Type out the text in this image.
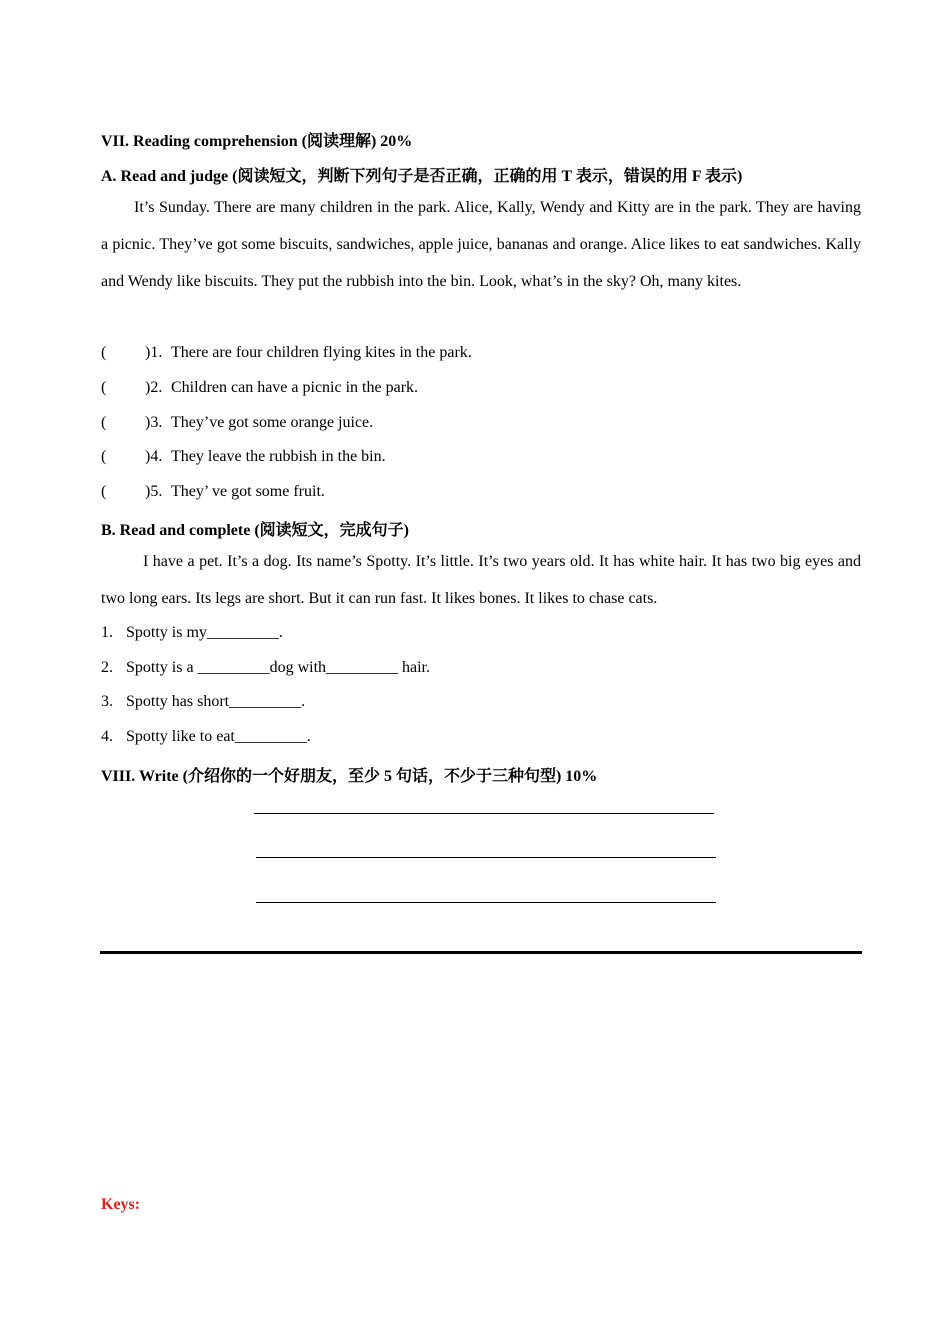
VII. Reading comprehension (阅读理解) 20%
A. Read and judge (阅读短文，判断下列句子是否正确，正确的用 T 表示，错误的用 F 表示)
It’s Sunday. There are many children in the park. Alice, Kally, Wendy and Kitty are in the park. They are having a picnic. They’ve got some biscuits, sandwiches, apple juice, bananas and orange. Alice likes to eat sandwiches. Kally and Wendy like biscuits. They put the rubbish into the bin. Look, what’s in the sky? Oh, many kites.
( )1. There are four children flying kites in the park.
( )2. Children can have a picnic in the park.
( )3. They’ve got some orange juice.
( )4. They leave the rubbish in the bin.
( )5. They’ ve got some fruit.
B. Read and complete (阅读短文，完成句子)
I have a pet. It’s a dog. Its name’s Spotty. It’s little. It’s two years old. It has white hair. It has two big eyes and two long ears. Its legs are short. But it can run fast. It likes bones. It likes to chase cats.
1. Spotty is my_________.
2. Spotty is a _________dog with_________ hair.
3. Spotty has short_________.
4. Spotty like to eat_________.
VIII. Write (介绍你的一个好朋友，至少 5 句话，不少于三种句型) 10%
Keys:
